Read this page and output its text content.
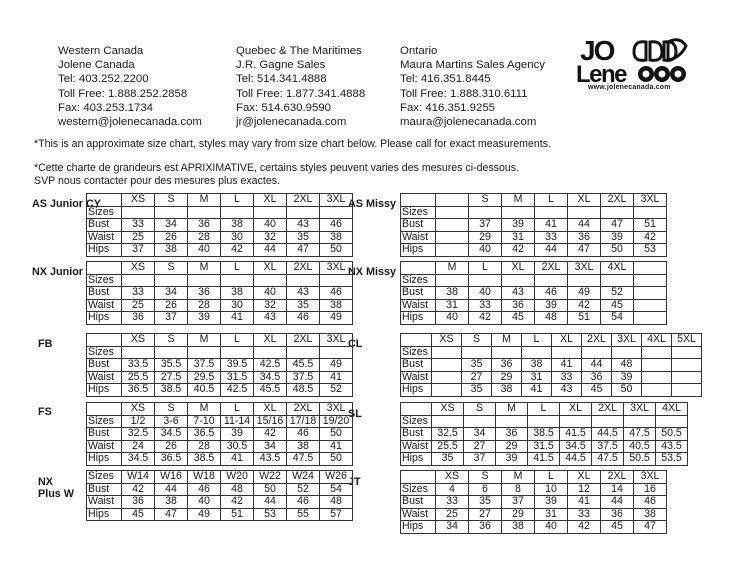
Western Canada
Jolene Canada
Tel: 403.252.2200
Toll Free: 1.888.252.2858
Fax: 403.253.1734
western@jolenecanada.com
Quebec & The Maritimes
J.R. Gagne Sales
Tel: 514.341.4888
Toll Free: 1.877.341.4888
Fax: 514.630.9590
jr@jolenecanada.com
Ontario
Maura Martins Sales Agency
Tel: 416.351.8445
Toll Free: 1.888.310.6111
Fax: 416.351.9255
maura@jolenecanada.com
JO
Lene
www.jolenecanada.com
*This is an approximate size chart, styles may vary from size chart below. Please call for exact measurements.
*Cette charte de grandeurs est APRIXIMATIVE, certains styles peuvent varies des mesures ci-dessous.
SVP nous contacter pour des mesures plus exactes.
AS Junior CY
NX Junior
FB
FS
NX Plus W
AS Missy
NX Missy
CL
SL
JT
	XS	S	M	L	XL	2XL	3XL
Sizes							
Bust	33	34	36	38	40	43	46
Waist	25	26	28	30	32	35	38
Hips	37	38	40	42	44	47	50
	XS	S	M	L	XL	2XL	3XL
Sizes							
Bust	33	34	36	38	40	43	46
Waist	25	26	28	30	32	35	38
Hips	36	37	39	41	43	46	49
	XS	S	M	L	XL	2XL	3XL
Sizes							
Bust	33.5	35.5	37.5	39.5	42.5	45.5	49
Waist	25.5	27.5	29.5	31.5	34.5	37.5	41
Hips	36.5	38.5	40.5	42.5	45.5	48.5	52
	XS	S	M	L	XL	2XL	3XL
Sizes	1/2	3-6	7-10	11-14	15/16	17/18	19/20
Bust	32.5	34.5	36.5	39	42	46	50
Waist	24	26	28	30.5	34	38	41
Hips	34.5	36.5	38.5	41	43.5	47.5	50
Sizes	W14	W16	W18	W20	W22	W24	W26
Bust	42	44	46	48	50	52	54
Waist	36	38	40	42	44	46	48
Hips	45	47	49	51	53	55	57
		S	M	L	XL	2XL	3XL
Sizes							
Bust		37	39	41	44	47	51
Waist		29	31	33	36	39	42
Hips		40	42	44	47	50	53
	M	L	XL	2XL	3XL	4XL	
Sizes							
Bust	38	40	43	46	49	52	
Waist	31	33	36	39	42	45	
Hips	40	42	45	48	51	54	
	XS	S	M	L	XL	2XL	3XL	4XL	5XL
Sizes									
Bust		35	36	38	41	44	48		
Waist		27	29	31	33	36	39		
Hips		35	38	41	43	45	50		
	XS	S	M	L	XL	2XL	3XL	4XL
Sizes								
Bust	32.5	34	36	38.5	41.5	44.5	47.5	50.5
Waist	25.5	27	29	31.5	34.5	37.5	40.5	43.5
Hips	35	37	39	41.5	44.5	47.5	50.5	53.5
	XS	S	M	L	XL	2XL	3XL
Sizes	4	6	8	10	12	14	16
Bust	33	35	37	39	41	44	46
Waist	25	27	29	31	33	36	38
Hips	34	36	38	40	42	45	47
